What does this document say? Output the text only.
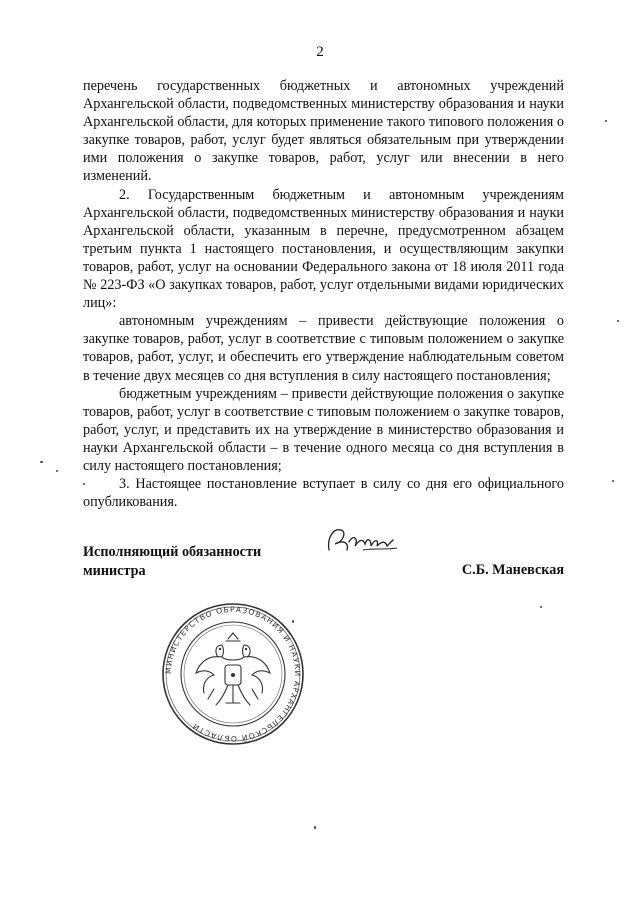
2

перечень государственных бюджетных и автономных учреждений Архангельской области, подведомственных министерству образования и науки Архангельской области, для которых применение такого типового положения о закупке товаров, работ, услуг будет являться обязательным при утверждении ими положения о закупке товаров, работ, услуг или внесении в него изменений.

2. Государственным бюджетным и автономным учреждениям Архангельской области, подведомственных министерству образования и науки Архангельской области, указанным в перечне, предусмотренном абзацем третьим пункта 1 настоящего постановления, и осуществляющим закупки товаров, работ, услуг на основании Федерального закона от 18 июля 2011 года № 223-ФЗ «О закупках товаров, работ, услуг отдельными видами юридических лиц»:

автономным учреждениям – привести действующие положения о закупке товаров, работ, услуг в соответствие с типовым положением о закупке товаров, работ, услуг, и обеспечить его утверждение наблюдательным советом в течение двух месяцев со дня вступления в силу настоящего постановления;

бюджетным учреждениям – привести действующие положения о закупке товаров, работ, услуг в соответствие с типовым положением о закупке товаров, работ, услуг, и представить их на утверждение в министерство образования и науки Архангельской области – в течение одного месяца со дня вступления в силу настоящего постановления;

3. Настоящее постановление вступает в силу со дня его официального опубликования.

Исполняющий обязанности
министра	С.Б. Маневская
МИНИСТЕРСТВО ОБРАЗОВАНИЯ И НАУКИ АРХАНГЕЛЬСКОЙ ОБЛАСТИ
